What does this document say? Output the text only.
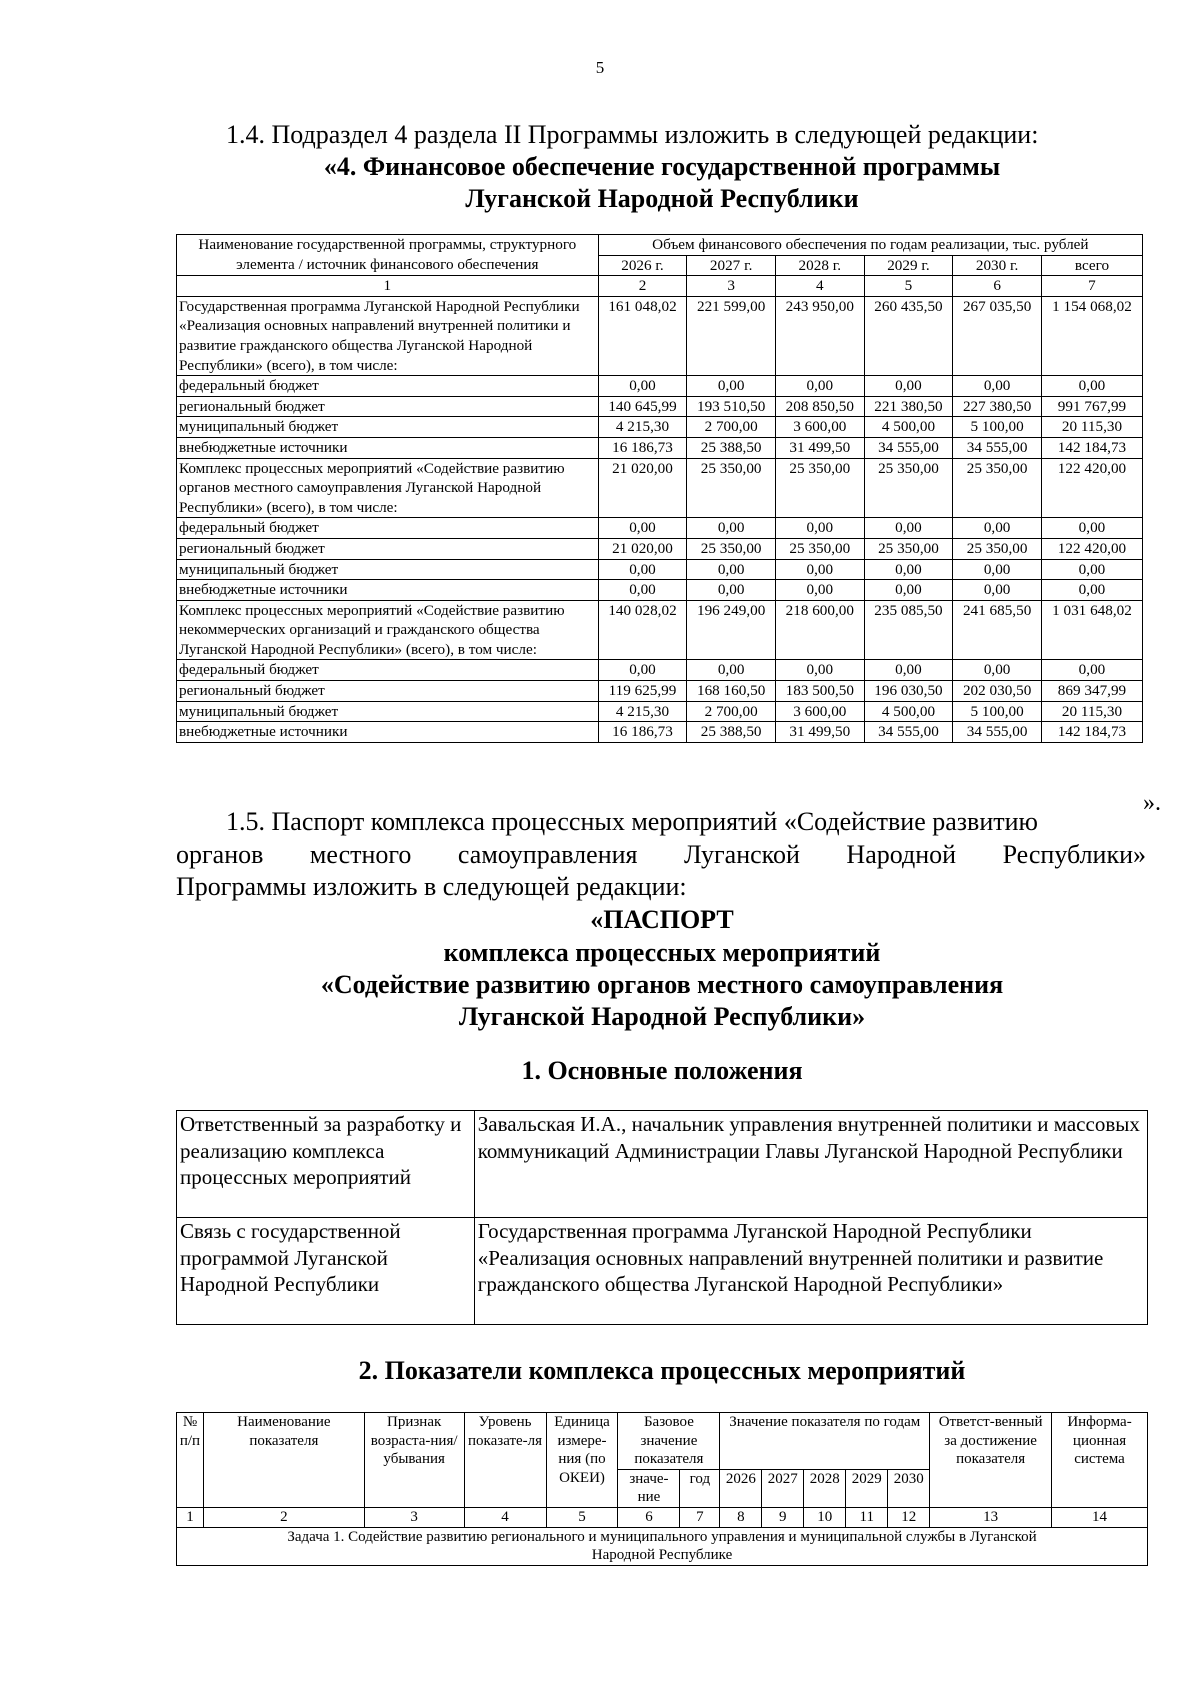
5
1.4. Подраздел 4 раздела II Программы изложить в следующей редакции:
«4. Финансовое обеспечение государственной программы
Луганской Народной Республики
Наименование государственной программы, структурного элемента / источник финансового обеспечения	Объем финансового обеспечения по годам реализации, тыс. рублей					
	2026 г.	2027 г.	2028 г.	2029 г.	2030 г.	всего
1	2	3	4	5	6	7
Государственная программа Луганской Народной Республики «Реализация основных направлений внутренней политики и развитие гражданского общества Луганской Народной Республики» (всего), в том числе:	161 048,02	221 599,00	243 950,00	260 435,50	267 035,50	1 154 068,02
федеральный бюджет	0,00	0,00	0,00	0,00	0,00	0,00
региональный бюджет	140 645,99	193 510,50	208 850,50	221 380,50	227 380,50	991 767,99
муниципальный бюджет	4 215,30	2 700,00	3 600,00	4 500,00	5 100,00	20 115,30
внебюджетные источники	16 186,73	25 388,50	31 499,50	34 555,00	34 555,00	142 184,73
Комплекс процессных мероприятий «Содействие развитию органов местного самоуправления Луганской Народной Республики» (всего), в том числе:	21 020,00	25 350,00	25 350,00	25 350,00	25 350,00	122 420,00
федеральный бюджет	0,00	0,00	0,00	0,00	0,00	0,00
региональный бюджет	21 020,00	25 350,00	25 350,00	25 350,00	25 350,00	122 420,00
муниципальный бюджет	0,00	0,00	0,00	0,00	0,00	0,00
внебюджетные источники	0,00	0,00	0,00	0,00	0,00	0,00
Комплекс процессных мероприятий «Содействие развитию некоммерческих организаций и гражданского общества Луганской Народной Республики» (всего), в том числе:	140 028,02	196 249,00	218 600,00	235 085,50	241 685,50	1 031 648,02
федеральный бюджет	0,00	0,00	0,00	0,00	0,00	0,00
региональный бюджет	119 625,99	168 160,50	183 500,50	196 030,50	202 030,50	869 347,99
муниципальный бюджет	4 215,30	2 700,00	3 600,00	4 500,00	5 100,00	20 115,30
внебюджетные источники	16 186,73	25 388,50	31 499,50	34 555,00	34 555,00	142 184,73
».
1.5. Паспорт комплекса процессных мероприятий «Содействие развитию
органов местного самоуправления Луганской Народной Республики»
Программы изложить в следующей редакции:
«ПАСПОРТ
комплекса процессных мероприятий
«Содействие развитию органов местного самоуправления
Луганской Народной Республики»
1. Основные положения
Ответственный за разработку и реализацию комплекса процессных мероприятий	Завальская И.А., начальник управления внутренней политики и массовых коммуникаций Администрации Главы Луганской Народной Республики
Связь с государственной программой Луганской Народной Республики	Государственная программа Луганской Народной Республики «Реализация основных направлений внутренней политики и развитие гражданского общества Луганской Народной Республики»
2. Показатели комплекса процессных мероприятий
№ п/п	Наименование показателя	Признак возраста-ния/ убывания	Уровень показате-ля	Единица измере-ния (по ОКЕИ)	Базовое значение показателя		Значение показателя по годам					Ответст-венный за достижение показателя	Информа-ционная система
					значе-ние	год	2026	2027	2028	2029	2030		
1	2	3	4	5	6	7	8	9	10	11	12	13	14
Задача 1. Содействие развитию регионального и муниципального управления и муниципальной службы в Луганской Народной Республике													
